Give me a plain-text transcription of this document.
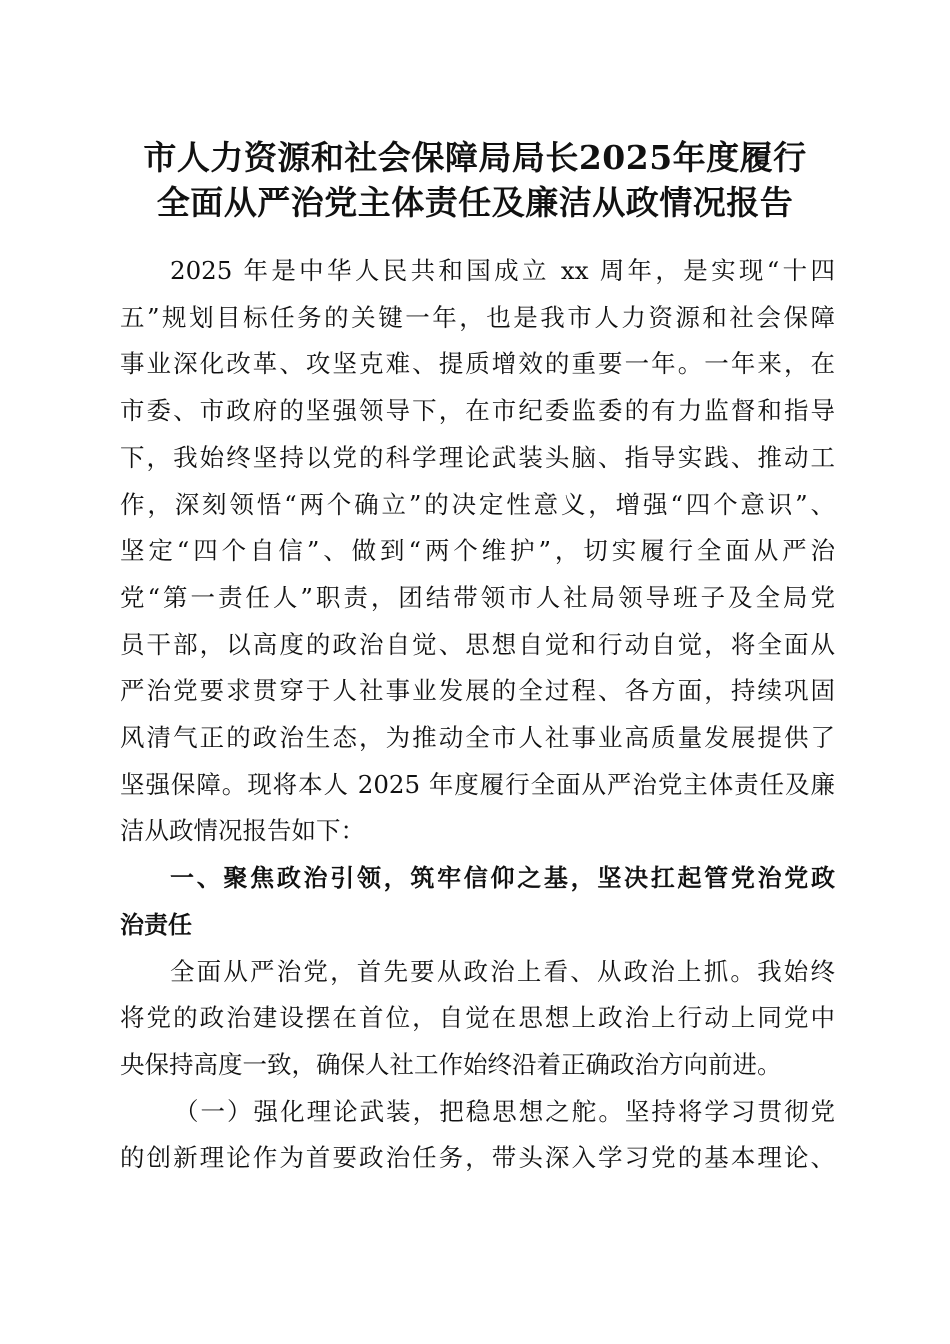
市人力资源和社会保障局局长2025年度履行
全面从严治党主体责任及廉洁从政情况报告
2025 年是中华人民共和国成立 xx 周年，是实现“十四
五”规划目标任务的关键一年，也是我市人力资源和社会保障
事业深化改革、攻坚克难、提质增效的重要一年。一年来，在
市委、市政府的坚强领导下，在市纪委监委的有力监督和指导
下，我始终坚持以党的科学理论武装头脑、指导实践、推动工
作，深刻领悟“两个确立”的决定性意义，增强“四个意识”、
坚定“四个自信”、做到“两个维护”，切实履行全面从严治
党“第一责任人”职责，团结带领市人社局领导班子及全局党
员干部，以高度的政治自觉、思想自觉和行动自觉，将全面从
严治党要求贯穿于人社事业发展的全过程、各方面，持续巩固
风清气正的政治生态，为推动全市人社事业高质量发展提供了
坚强保障。现将本人 2025 年度履行全面从严治党主体责任及廉
洁从政情况报告如下：
一、聚焦政治引领，筑牢信仰之基，坚决扛起管党治党政
治责任
全面从严治党，首先要从政治上看、从政治上抓。我始终
将党的政治建设摆在首位，自觉在思想上政治上行动上同党中
央保持高度一致，确保人社工作始终沿着正确政治方向前进。
（一）强化理论武装，把稳思想之舵。坚持将学习贯彻党
的创新理论作为首要政治任务，带头深入学习党的基本理论、
